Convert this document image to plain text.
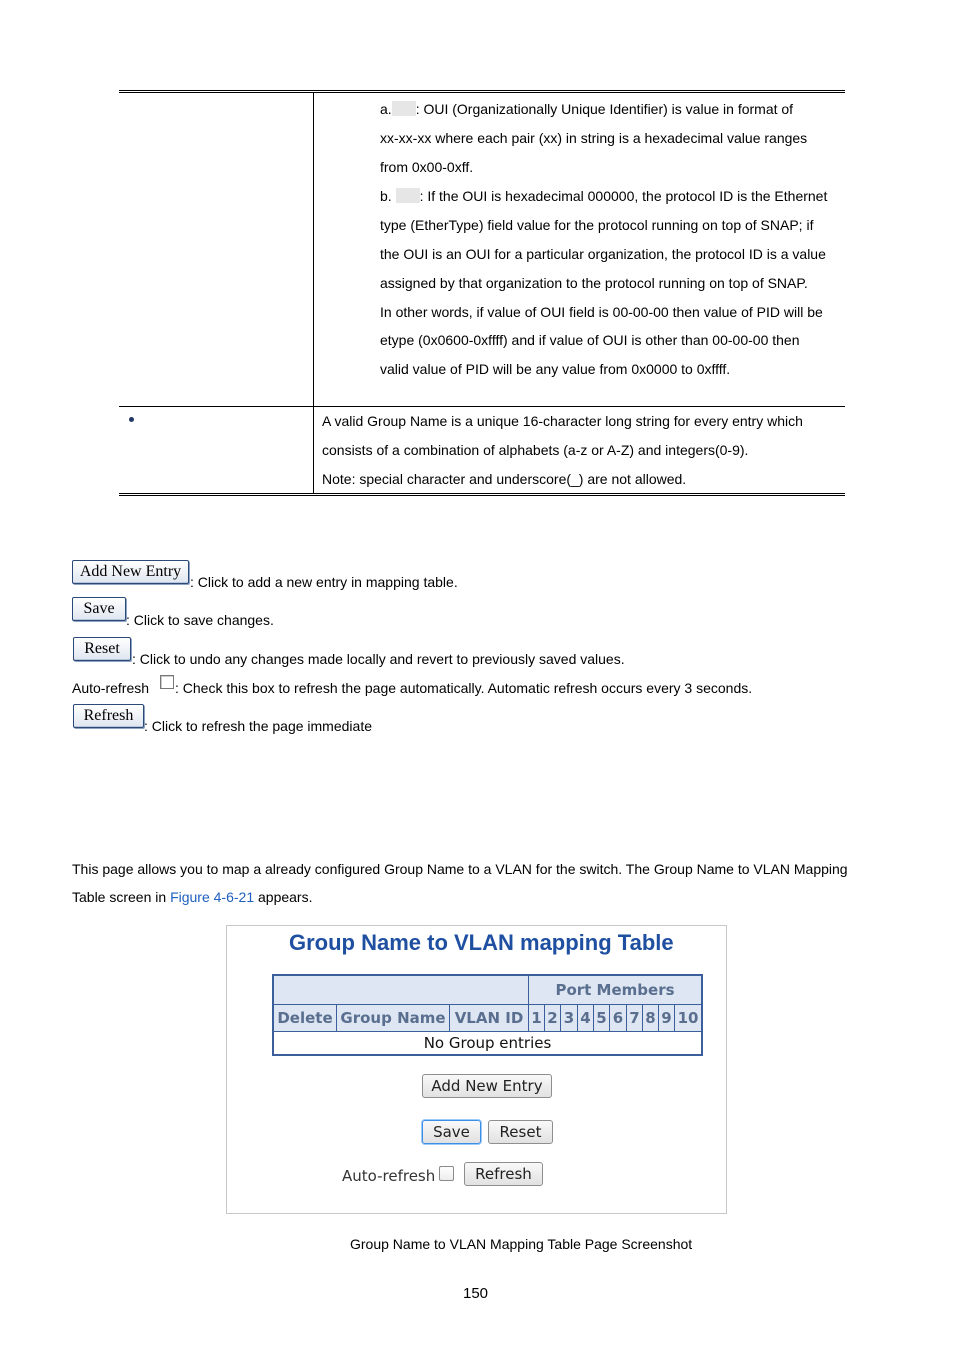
a. : OUI (Organizationally Unique Identifier) is value in format of
xx-xx-xx where each pair (xx) in string is a hexadecimal value ranges
from 0x00-0xff.
b. : If the OUI is hexadecimal 000000, the protocol ID is the Ethernet
type (EtherType) field value for the protocol running on top of SNAP; if
the OUI is an OUI for a particular organization, the protocol ID is a value
assigned by that organization to the protocol running on top of SNAP.
In other words, if value of OUI field is 00-00-00 then value of PID will be
etype (0x0600-0xffff) and if value of OUI is other than 00-00-00 then
valid value of PID will be any value from 0x0000 to 0xffff.
A valid Group Name is a unique 16-character long string for every entry which
consists of a combination of alphabets (a-z or A-Z) and integers(0-9).
Note: special character and underscore(_) are not allowed.
Add New Entry
: Click to add a new entry in mapping table.
Save
: Click to save changes.
Reset
: Click to undo any changes made locally and revert to previously saved values.
Auto-refresh : Check this box to refresh the page automatically. Automatic refresh occurs every 3 seconds.
Refresh
: Click to refresh the page immediate
This page allows you to map a already configured Group Name to a VLAN for the switch. The Group Name to VLAN Mapping
Table screen in Figure 4-6-21 appears.
Group Name to VLAN mapping Table
Port Members
Delete Group Name VLAN ID 1 2 3 4 5 6 7 8 9 10
No Group entries
Add New Entry
Save	Reset
Auto-refresh	Refresh
Group Name to VLAN Mapping Table Page Screenshot
150
